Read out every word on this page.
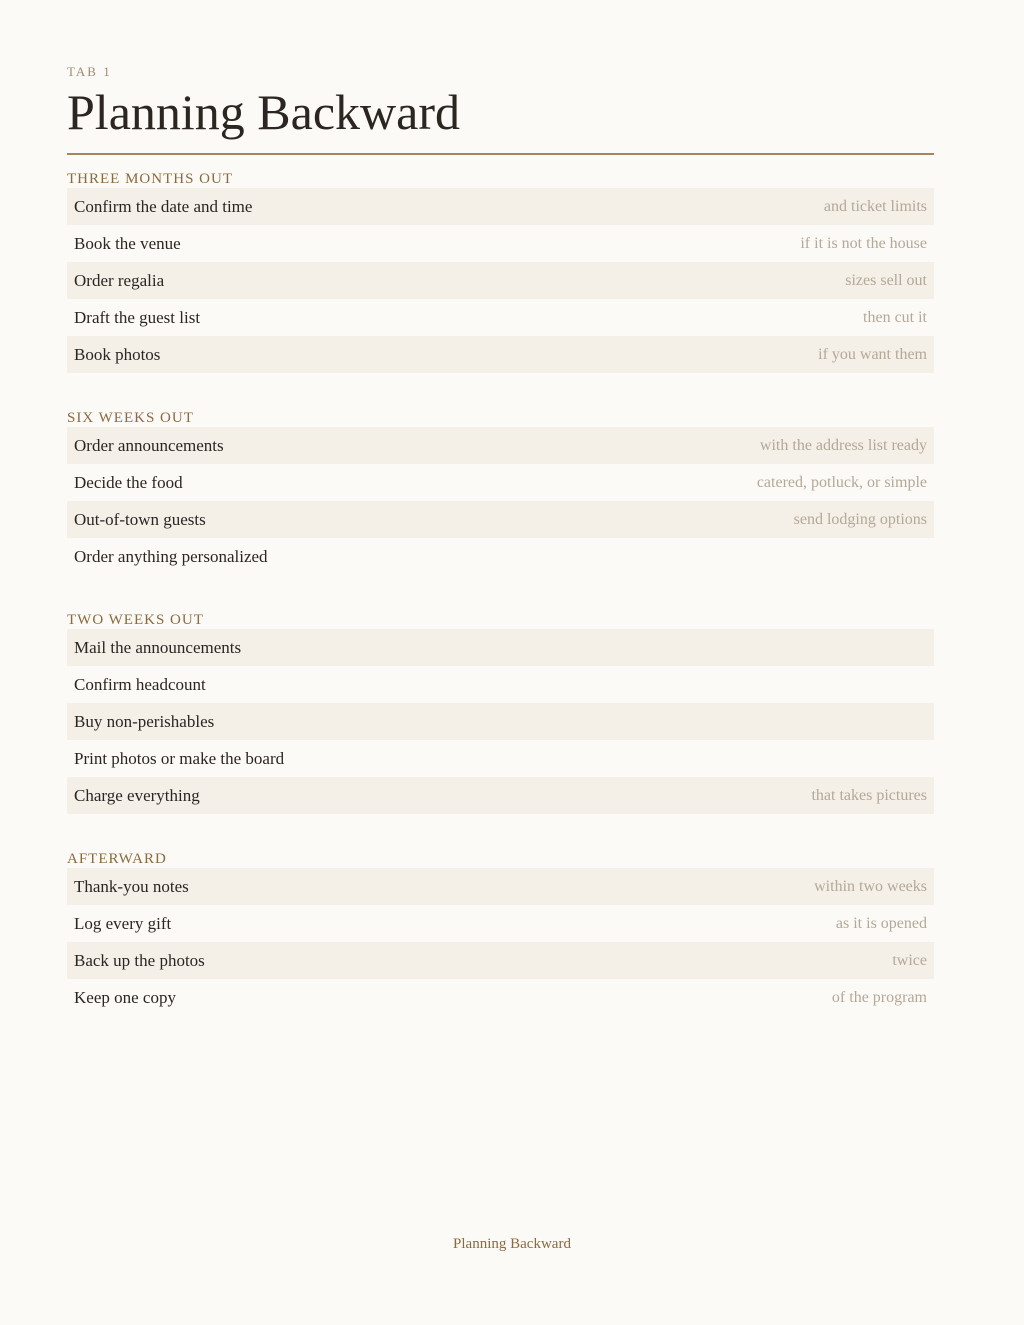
TAB 1
Planning Backward
THREE MONTHS OUT
Confirm the date and time	and ticket limits
Book the venue	if it is not the house
Order regalia	sizes sell out
Draft the guest list	then cut it
Book photos	if you want them
SIX WEEKS OUT
Order announcements	with the address list ready
Decide the food	catered, potluck, or simple
Out-of-town guests	send lodging options
Order anything personalized
TWO WEEKS OUT
Mail the announcements
Confirm headcount
Buy non-perishables
Print photos or make the board
Charge everything	that takes pictures
AFTERWARD
Thank-you notes	within two weeks
Log every gift	as it is opened
Back up the photos	twice
Keep one copy	of the program
Planning Backward
